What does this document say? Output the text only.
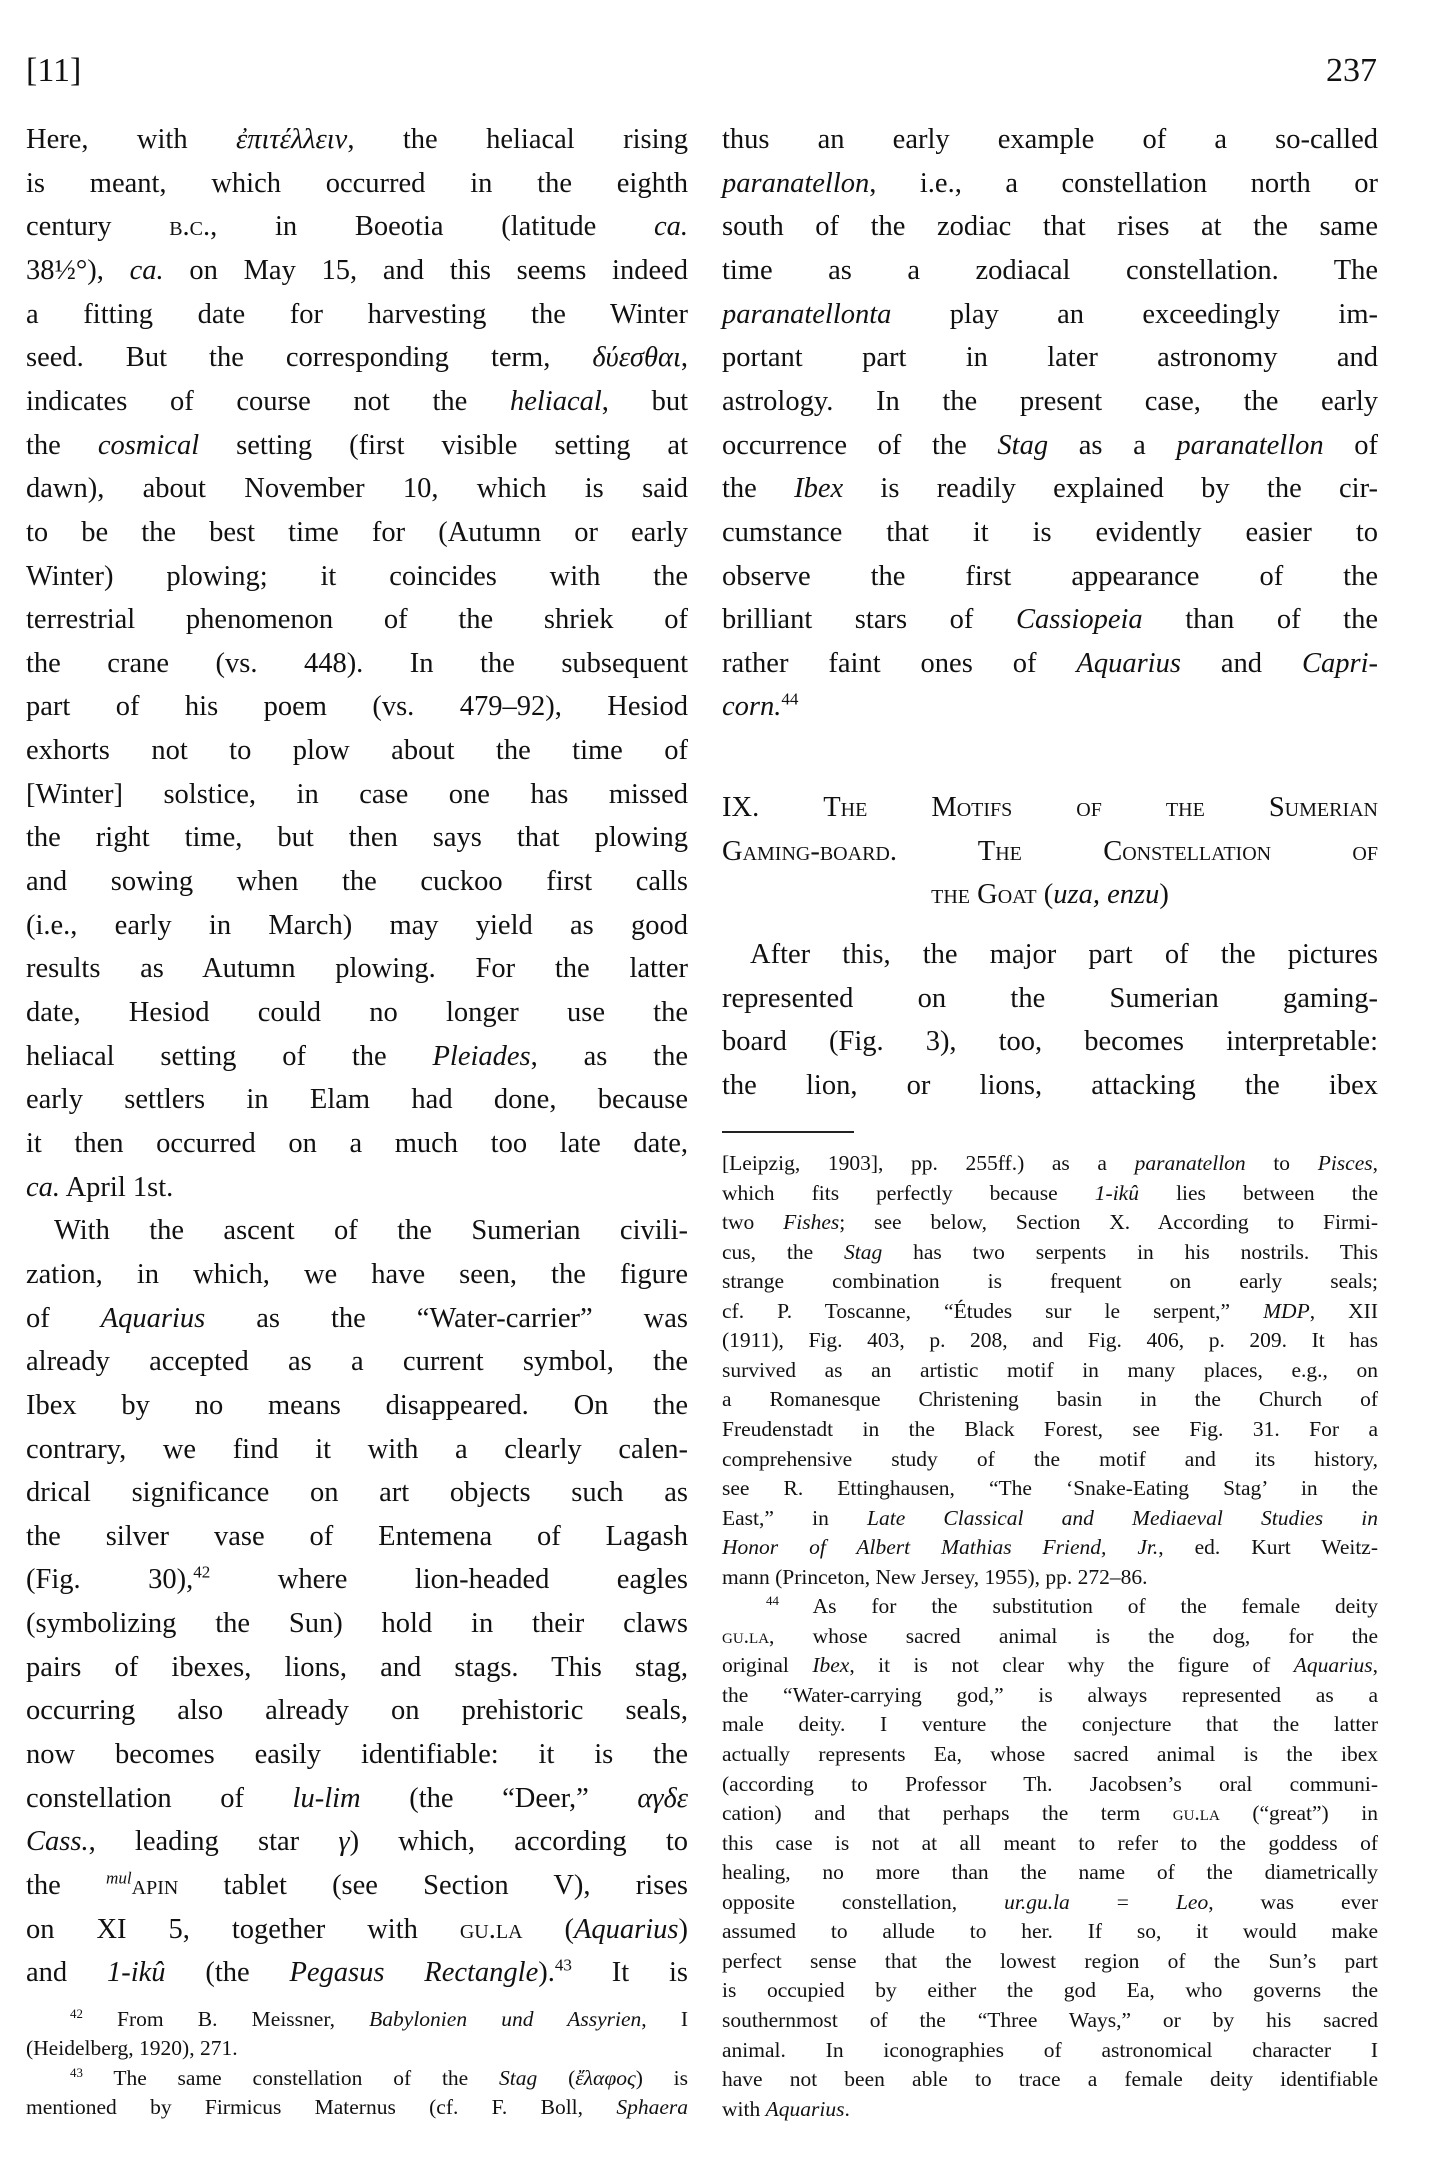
[11]	237
Here, with ἐπιτέλλειν, the heliacal rising
is meant, which occurred in the eighth
century b.c., in Boeotia (latitude ca.
38½°), ca. on May 15, and this seems indeed
a fitting date for harvesting the Winter
seed. But the corresponding term, δύεσθαι,
indicates of course not the heliacal, but
the cosmical setting (first visible setting at
dawn), about November 10, which is said
to be the best time for (Autumn or early
Winter) plowing; it coincides with the
terrestrial phenomenon of the shriek of
the crane (vs. 448). In the subsequent
part of his poem (vs. 479–92), Hesiod
exhorts not to plow about the time of
[Winter] solstice, in case one has missed
the right time, but then says that plowing
and sowing when the cuckoo first calls
(i.e., early in March) may yield as good
results as Autumn plowing. For the latter
date, Hesiod could no longer use the
heliacal setting of the Pleiades, as the
early settlers in Elam had done, because
it then occurred on a much too late date,
ca. April 1st.
With the ascent of the Sumerian civili-
zation, in which, we have seen, the figure
of Aquarius as the “Water-carrier” was
already accepted as a current symbol, the
Ibex by no means disappeared. On the
contrary, we find it with a clearly calen-
drical significance on art objects such as
the silver vase of Entemena of Lagash
(Fig. 30),$^{42}$ where lion-headed eagles
(symbolizing the Sun) hold in their claws
pairs of ibexes, lions, and stags. This stag,
occurring also already on prehistoric seals,
now becomes easily identifiable: it is the
constellation of lu-lim (the “Deer,” αγδε
Cass., leading star γ) which, according to
the $^{mul}$apin tablet (see Section V), rises
on XI 5, together with gu.la (Aquarius)
and 1-ikû (the Pegasus Rectangle).$^{43}$ It is
$^{42}$ From B. Meissner, Babylonien und Assyrien, I
(Heidelberg, 1920), 271.
$^{43}$ The same constellation of the Stag (ἔλαφος) is
mentioned by Firmicus Maternus (cf. F. Boll, Sphaera
thus an early example of a so-called
paranatellon, i.e., a constellation north or
south of the zodiac that rises at the same
time as a zodiacal constellation. The
paranatellonta play an exceedingly im-
portant part in later astronomy and
astrology. In the present case, the early
occurrence of the Stag as a paranatellon of
the Ibex is readily explained by the cir-
cumstance that it is evidently easier to
observe the first appearance of the
brilliant stars of Cassiopeia than of the
rather faint ones of Aquarius and Capri-
corn.$^{44}$
IX. The Motifs of the Sumerian
Gaming-board. The Constellation of
the Goat (uza, enzu)
After this, the major part of the pictures
represented on the Sumerian gaming-
board (Fig. 3), too, becomes interpretable:
the lion, or lions, attacking the ibex
[Leipzig, 1903], pp. 255ff.) as a paranatellon to Pisces,
which fits perfectly because 1-ikû lies between the
two Fishes; see below, Section X. According to Firmi-
cus, the Stag has two serpents in his nostrils. This
strange combination is frequent on early seals;
cf. P. Toscanne, “Études sur le serpent,” MDP, XII
(1911), Fig. 403, p. 208, and Fig. 406, p. 209. It has
survived as an artistic motif in many places, e.g., on
a Romanesque Christening basin in the Church of
Freudenstadt in the Black Forest, see Fig. 31. For a
comprehensive study of the motif and its history,
see R. Ettinghausen, “The ‘Snake-Eating Stag’ in the
East,” in Late Classical and Mediaeval Studies in
Honor of Albert Mathias Friend, Jr., ed. Kurt Weitz-
mann (Princeton, New Jersey, 1955), pp. 272–86.
$^{44}$ As for the substitution of the female deity
gu.la, whose sacred animal is the dog, for the
original Ibex, it is not clear why the figure of Aquarius,
the “Water-carrying god,” is always represented as a
male deity. I venture the conjecture that the latter
actually represents Ea, whose sacred animal is the ibex
(according to Professor Th. Jacobsen’s oral communi-
cation) and that perhaps the term gu.la (“great”) in
this case is not at all meant to refer to the goddess of
healing, no more than the name of the diametrically
opposite constellation, ur.gu.la = Leo, was ever
assumed to allude to her. If so, it would make
perfect sense that the lowest region of the Sun’s part
is occupied by either the god Ea, who governs the
southernmost of the “Three Ways,” or by his sacred
animal. In iconographies of astronomical character I
have not been able to trace a female deity identifiable
with Aquarius.
